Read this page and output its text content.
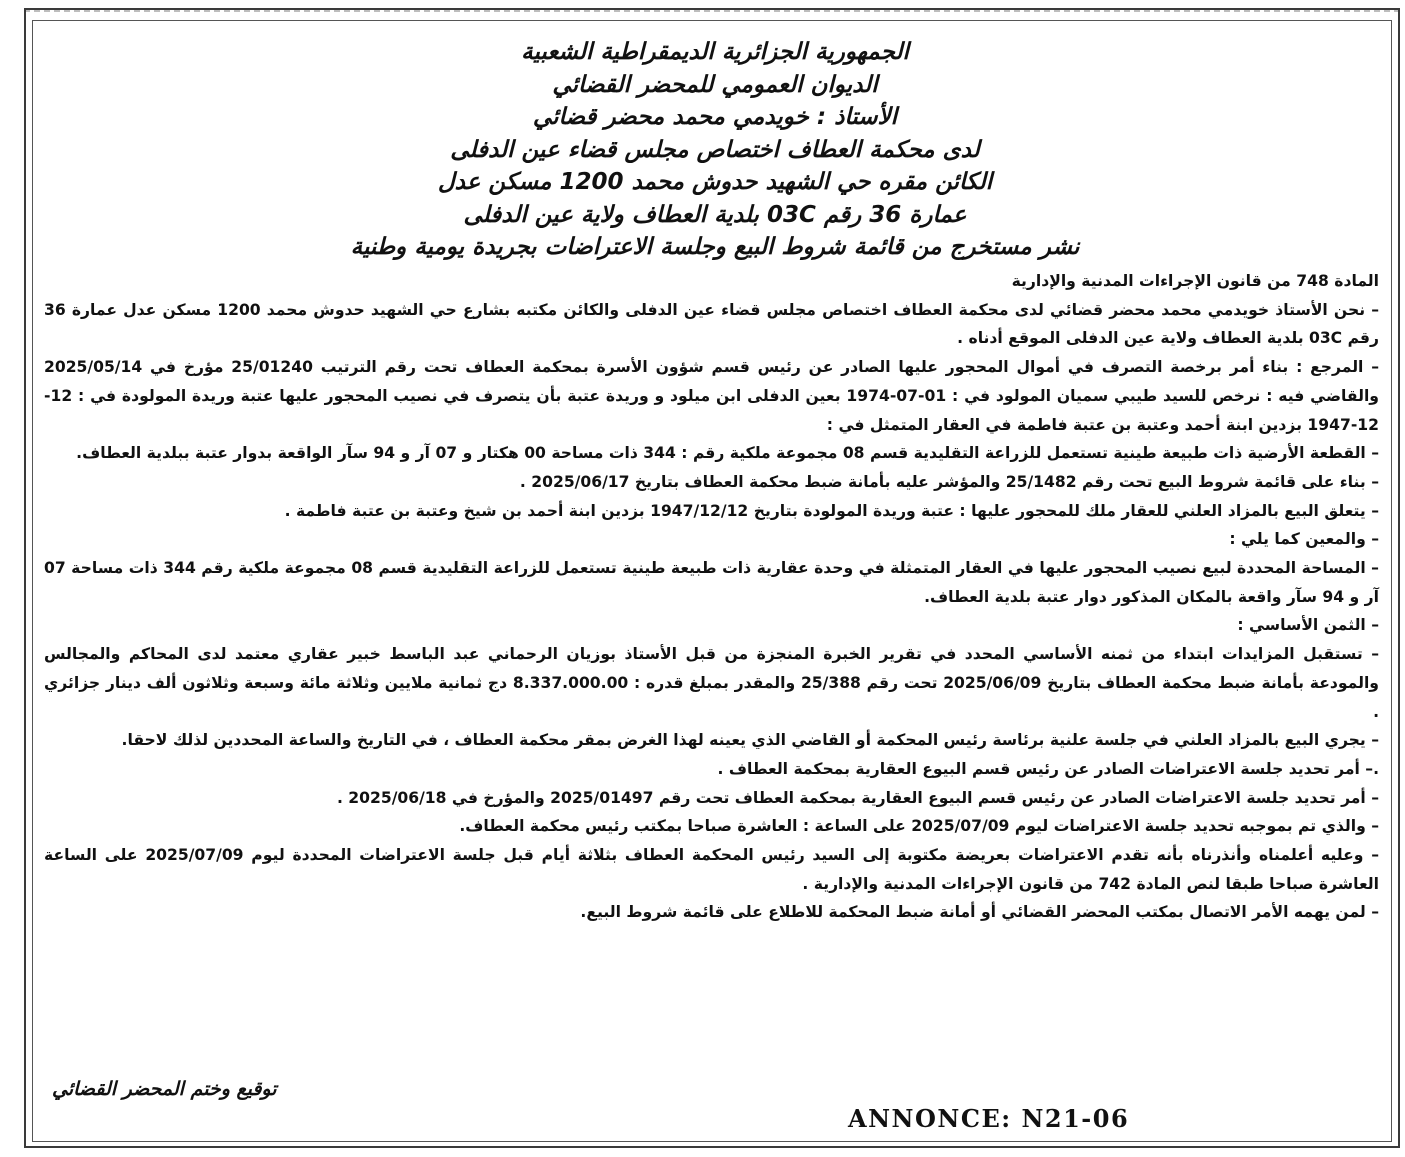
الجمهورية الجزائرية الديمقراطية الشعبية
الديوان العمومي للمحضر القضائي
الأستاذ : خويدمي محمد محضر قضائي
لدى محكمة العطاف اختصاص مجلس قضاء عين الدفلى
الكائن مقره حي الشهيد حدوش محمد 1200 مسكن عدل
عمارة 36 رقم 03C بلدية العطاف ولاية عين الدفلى
نشر مستخرج من قائمة شروط البيع وجلسة الاعتراضات بجريدة يومية وطنية

المادة 748 من قانون الإجراءات المدنية والإدارية

– نحن الأستاذ خويدمي محمد محضر قضائي لدى محكمة العطاف اختصاص مجلس قضاء عين الدفلى والكائن مكتبه بشارع حي الشهيد حدوش محمد 1200 مسكن عدل عمارة 36 رقم 03C بلدية العطاف ولاية عين الدفلى الموقع أدناه .

– المرجع : بناء أمر برخصة التصرف في أموال المحجور عليها الصادر عن رئيس قسم شؤون الأسرة بمحكمة العطاف تحت رقم الترتيب 25/01240 مؤرخ في 2025/05/14 والقاضي فيه : نرخص للسيد طيبي سميان المولود في : 01-07-1974 بعين الدفلى ابن ميلود و وريدة عتبة بأن يتصرف في نصيب المحجور عليها عتبة وريدة المولودة في : 12-12-1947 بزدين ابنة أحمد وعتبة بن عتبة فاطمة في العقار المتمثل في :

– القطعة الأرضية ذات طبيعة طينية تستعمل للزراعة التقليدية قسم 08 مجموعة ملكية رقم : 344 ذات مساحة 00 هكتار و 07 آر و 94 سآر الواقعة بدوار عتبة ببلدية العطاف.

– بناء على قائمة شروط البيع تحت رقم 25/1482 والمؤشر عليه بأمانة ضبط محكمة العطاف بتاريخ 2025/06/17 .

– يتعلق البيع بالمزاد العلني للعقار ملك للمحجور عليها : عتبة وريدة المولودة بتاريخ 1947/12/12 بزدين ابنة أحمد بن شيخ وعتبة بن عتبة فاطمة .

– والمعين كما يلي :

– المساحة المحددة لبيع نصيب المحجور عليها في العقار المتمثلة في وحدة عقارية ذات طبيعة طينية تستعمل للزراعة التقليدية قسم 08 مجموعة ملكية رقم 344 ذات مساحة 07 آر و 94 سآر واقعة بالمكان المذكور دوار عتبة بلدية العطاف.

– الثمن الأساسي :

– تستقبل المزايدات ابتداء من ثمنه الأساسي المحدد في تقرير الخبرة المنجزة من قبل الأستاذ بوزيان الرحماني عبد الباسط خبير عقاري معتمد لدى المحاكم والمجالس والمودعة بأمانة ضبط محكمة العطاف بتاريخ 2025/06/09 تحت رقم 25/388 والمقدر بمبلغ قدره : 8.337.000.00 دج ثمانية ملايين وثلاثة مائة وسبعة وثلاثون ألف دينار جزائري .

– يجري البيع بالمزاد العلني في جلسة علنية برئاسة رئيس المحكمة أو القاضي الذي يعينه لهذا الغرض بمقر محكمة العطاف ، في التاريخ والساعة المحددين لذلك لاحقا.

.– أمر تحديد جلسة الاعتراضات الصادر عن رئيس قسم البيوع العقارية بمحكمة العطاف .

– أمر تحديد جلسة الاعتراضات الصادر عن رئيس قسم البيوع العقارية بمحكمة العطاف تحت رقم 2025/01497 والمؤرخ في 2025/06/18 .

– والذي تم بموجبه تحديد جلسة الاعتراضات ليوم 2025/07/09 على الساعة : العاشرة صباحا بمكتب رئيس محكمة العطاف.

– وعليه أعلمناه وأنذرناه بأنه تقدم الاعتراضات بعريضة مكتوبة إلى السيد رئيس المحكمة العطاف بثلاثة أيام قبل جلسة الاعتراضات المحددة ليوم 2025/07/09 على الساعة العاشرة صباحا طبقا لنص المادة 742 من قانون الإجراءات المدنية والإدارية .

– لمن يهمه الأمر الاتصال بمكتب المحضر القضائي أو أمانة ضبط المحكمة للاطلاع على قائمة شروط البيع.

توقيع وختم المحضر القضائي
ANNONCE: N21-06
